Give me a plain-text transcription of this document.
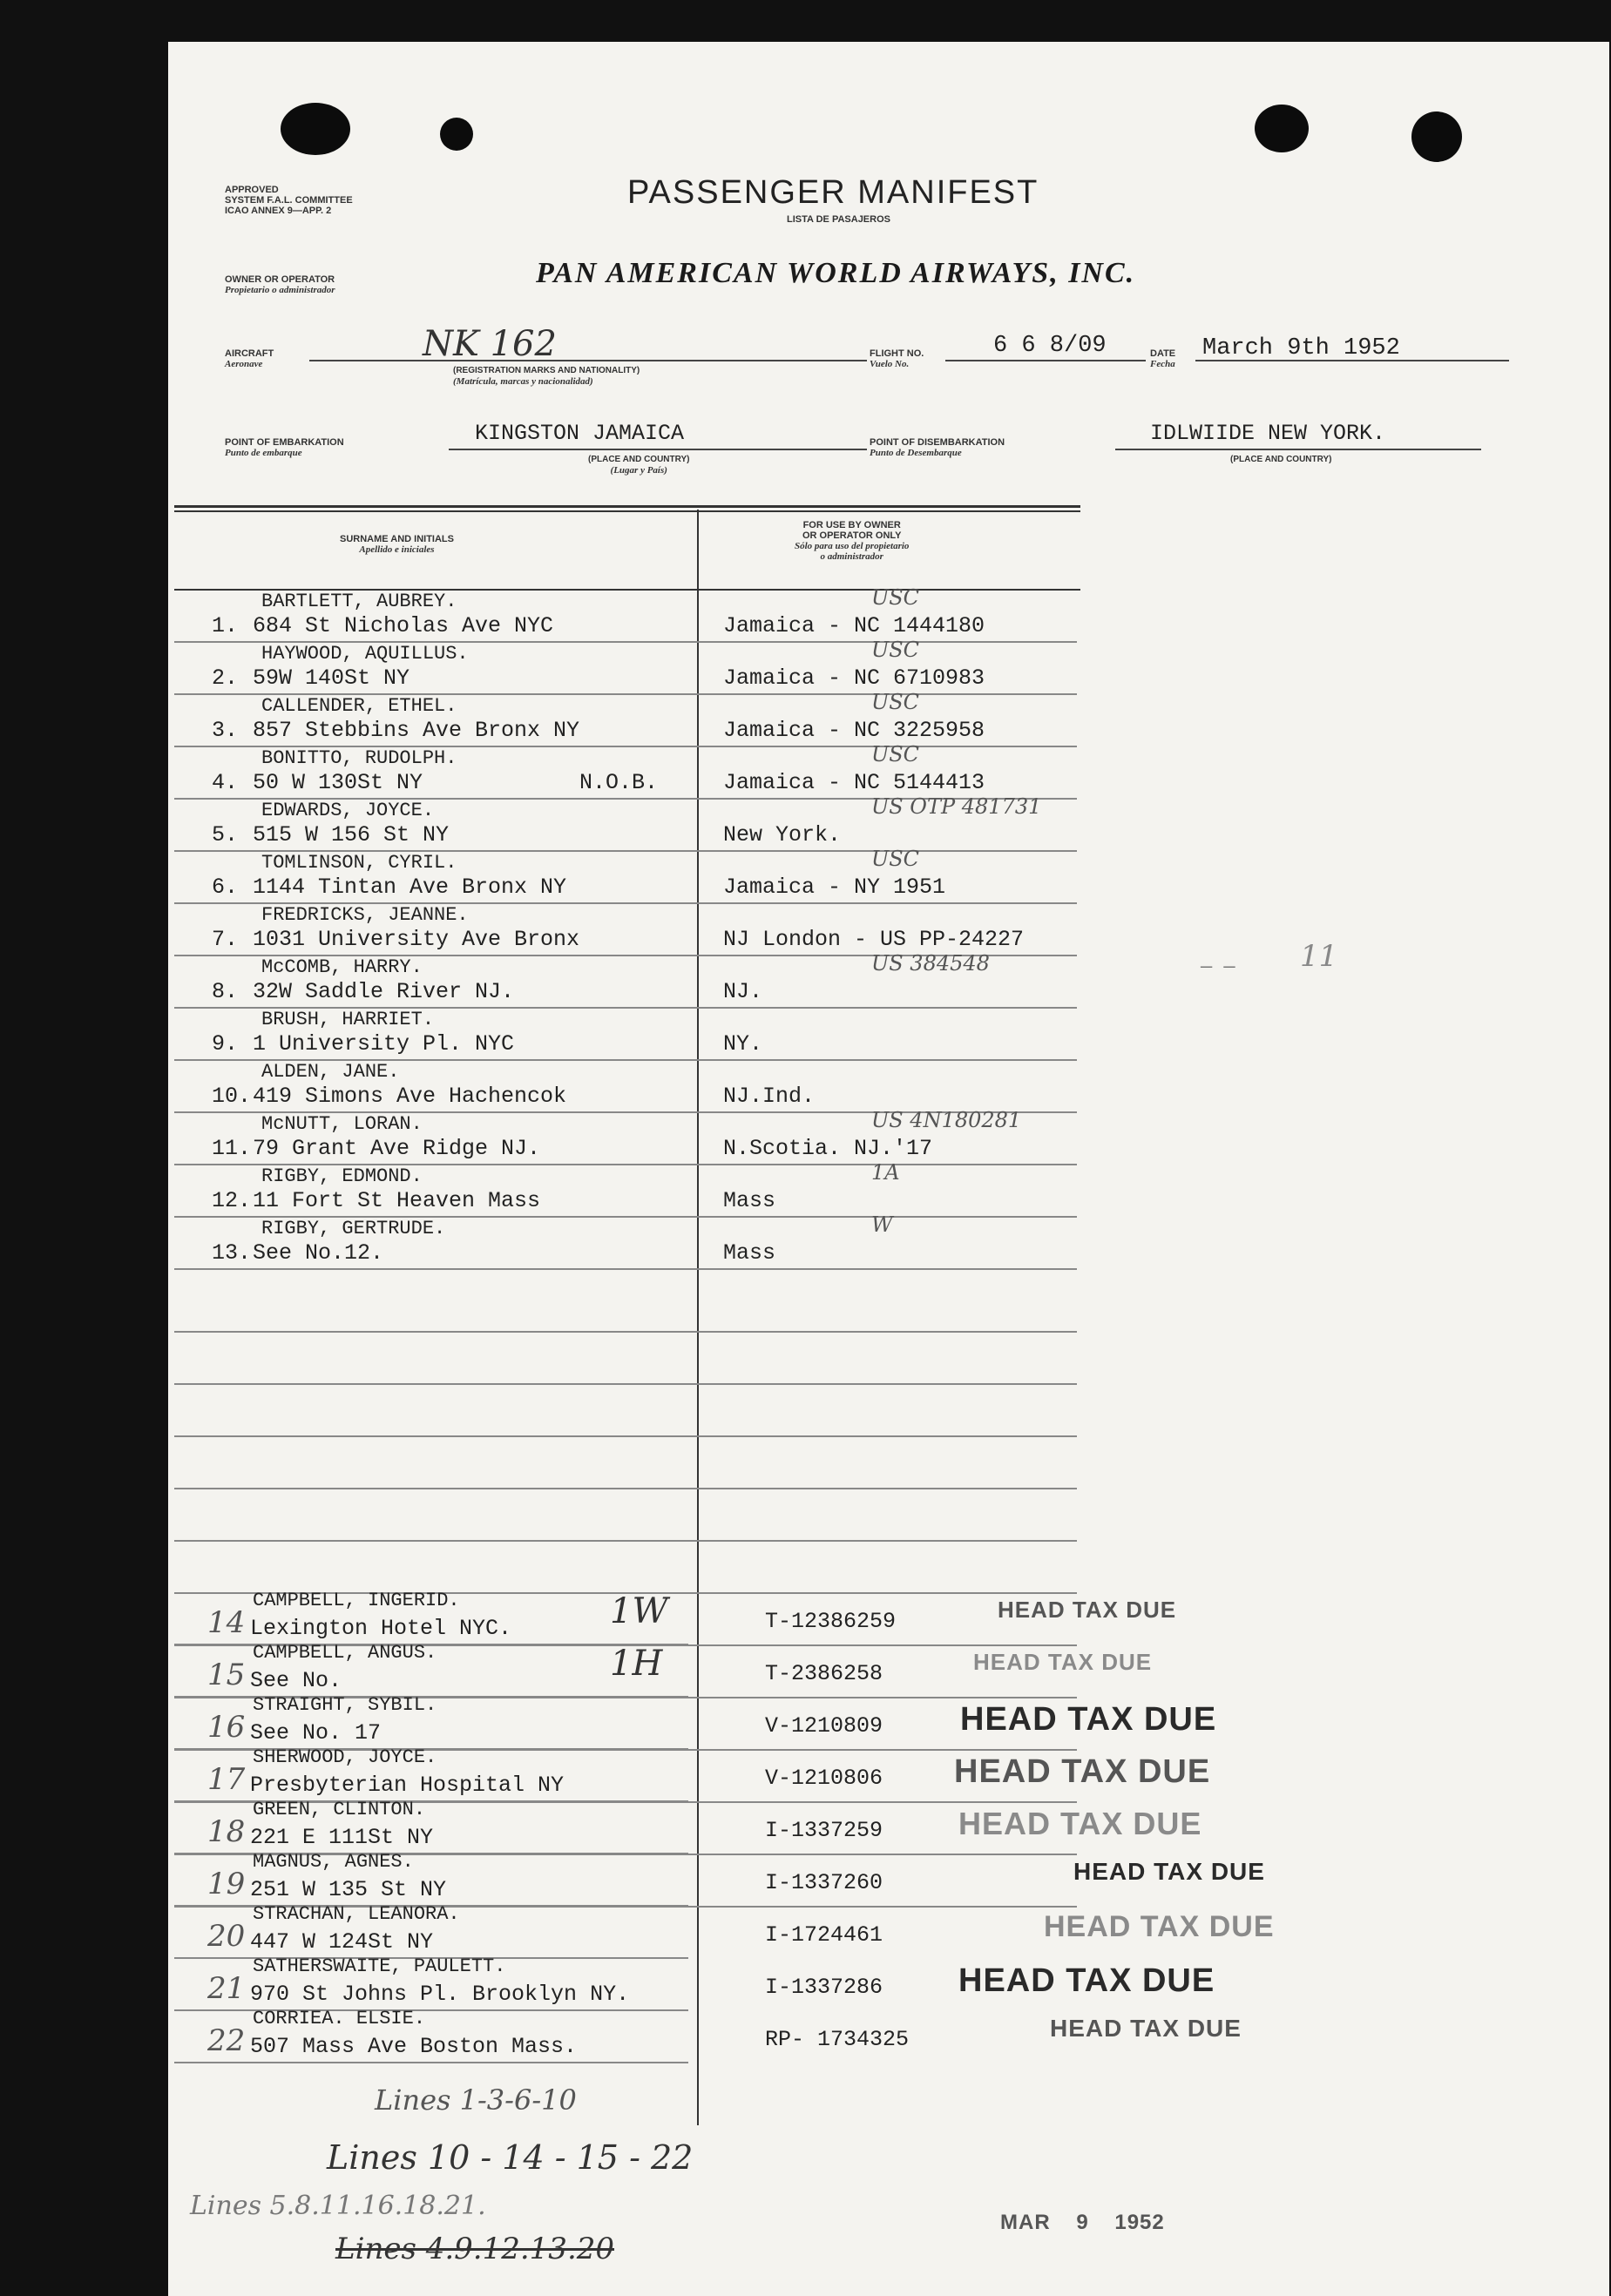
APPROVED
SYSTEM F.A.L. COMMITTEE
ICAO ANNEX 9—APP. 2	PASSENGER MANIFEST
LISTA DE PASAJEROS
OWNER OR OPERATOR
Propietario o administrador
PAN AMERICAN WORLD AIRWAYS, INC.
AIRCRAFT
Aeronave	NK 162
(REGISTRATION MARKS AND NATIONALITY)
(Matrícula, marcas y nacionalidad)
FLIGHT NO.
Vuelo No.
6 6 8/09	DATE
Fecha
March 9th 1952
POINT OF EMBARKATION
Punto de embarque
KINGSTON JAMAICA
(PLACE AND COUNTRY)
(Lugar y País)
POINT OF DISEMBARKATION
Punto de Desembarque
IDLWIIDE NEW YORK.
(PLACE AND COUNTRY)
SURNAME AND INITIALS
Apellido e iniciales
FOR USE BY OWNER
OR OPERATOR ONLY
Sólo para uso del propietario
o administrador
BARTLETT, AUBREY.
1. 684 St Nicholas Ave NYC	Jamaica - NC 1444180
USC
HAYWOOD, AQUILLUS.
2. 59W 140St NY	Jamaica - NC 6710983
USC
CALLENDER, ETHEL.
3. 857 Stebbins Ave Bronx NY	Jamaica - NC 3225958
USC
BONITTO, RUDOLPH.
4. 50 W 130St NY	N.O.B.	Jamaica - NC 5144413
USC
EDWARDS, JOYCE.
5. 515 W 156 St NY	New York.
US OTP 481731
TOMLINSON, CYRIL.
6. 1144 Tintan Ave Bronx NY	Jamaica - NY 1951
USC
FREDRICKS, JEANNE.
7. 1031 University Ave Bronx	NJ London - US PP-24227
McCOMB, HARRY.
8. 32W Saddle River NJ.	NJ.
US 384548
BRUSH, HARRIET.
9. 1 University Pl. NYC	NY.
ALDEN, JANE.
10. 419 Simons Ave Hachencok	NJ.Ind.
McNUTT, LORAN.
11. 79 Grant Ave Ridge NJ.	N.Scotia. NJ.'17
US 4N180281
RIGBY, EDMOND.
12. 11 Fort St Heaven Mass	Mass
1A
RIGBY, GERTRUDE.
13. See No.12.	Mass
W
CAMPBELL, INGERID.
14 Lexington Hotel NYC.	T-12386259	HEAD TAX DUE
1W
CAMPBELL, ANGUS.
15 See No.	T-2386258	HEAD TAX DUE
1H
STRAIGHT, SYBIL.
16 See No. 17	V-1210809 HEAD TAX DUE
SHERWOOD, JOYCE.
17 Presbyterian Hospital NY	V-1210806 HEAD TAX DUE
GREEN, CLINTON.
18 221 E 111St NY	I-1337259 HEAD TAX DUE
MAGNUS, AGNES.
19 251 W 135 St NY	I-1337260	HEAD TAX DUE
STRACHAN, LEANORA.
20 447 W 124St NY	I-1724461	HEAD TAX DUE
SATHERSWAITE, PAULETT.
21 970 St Johns Pl. Brooklyn NY.	I-1337286 HEAD TAX DUE
CORRIEA. ELSIE.
22 507 Mass Ave Boston Mass.	RP- 1734325	HEAD TAX DUE
Lines 1-3-6-10
Lines 10 - 14 - 15 - 22
Lines 5.8.11.16.18.21.
Lines 4.9.12.13.20
MAR 9 1952
— — 11
